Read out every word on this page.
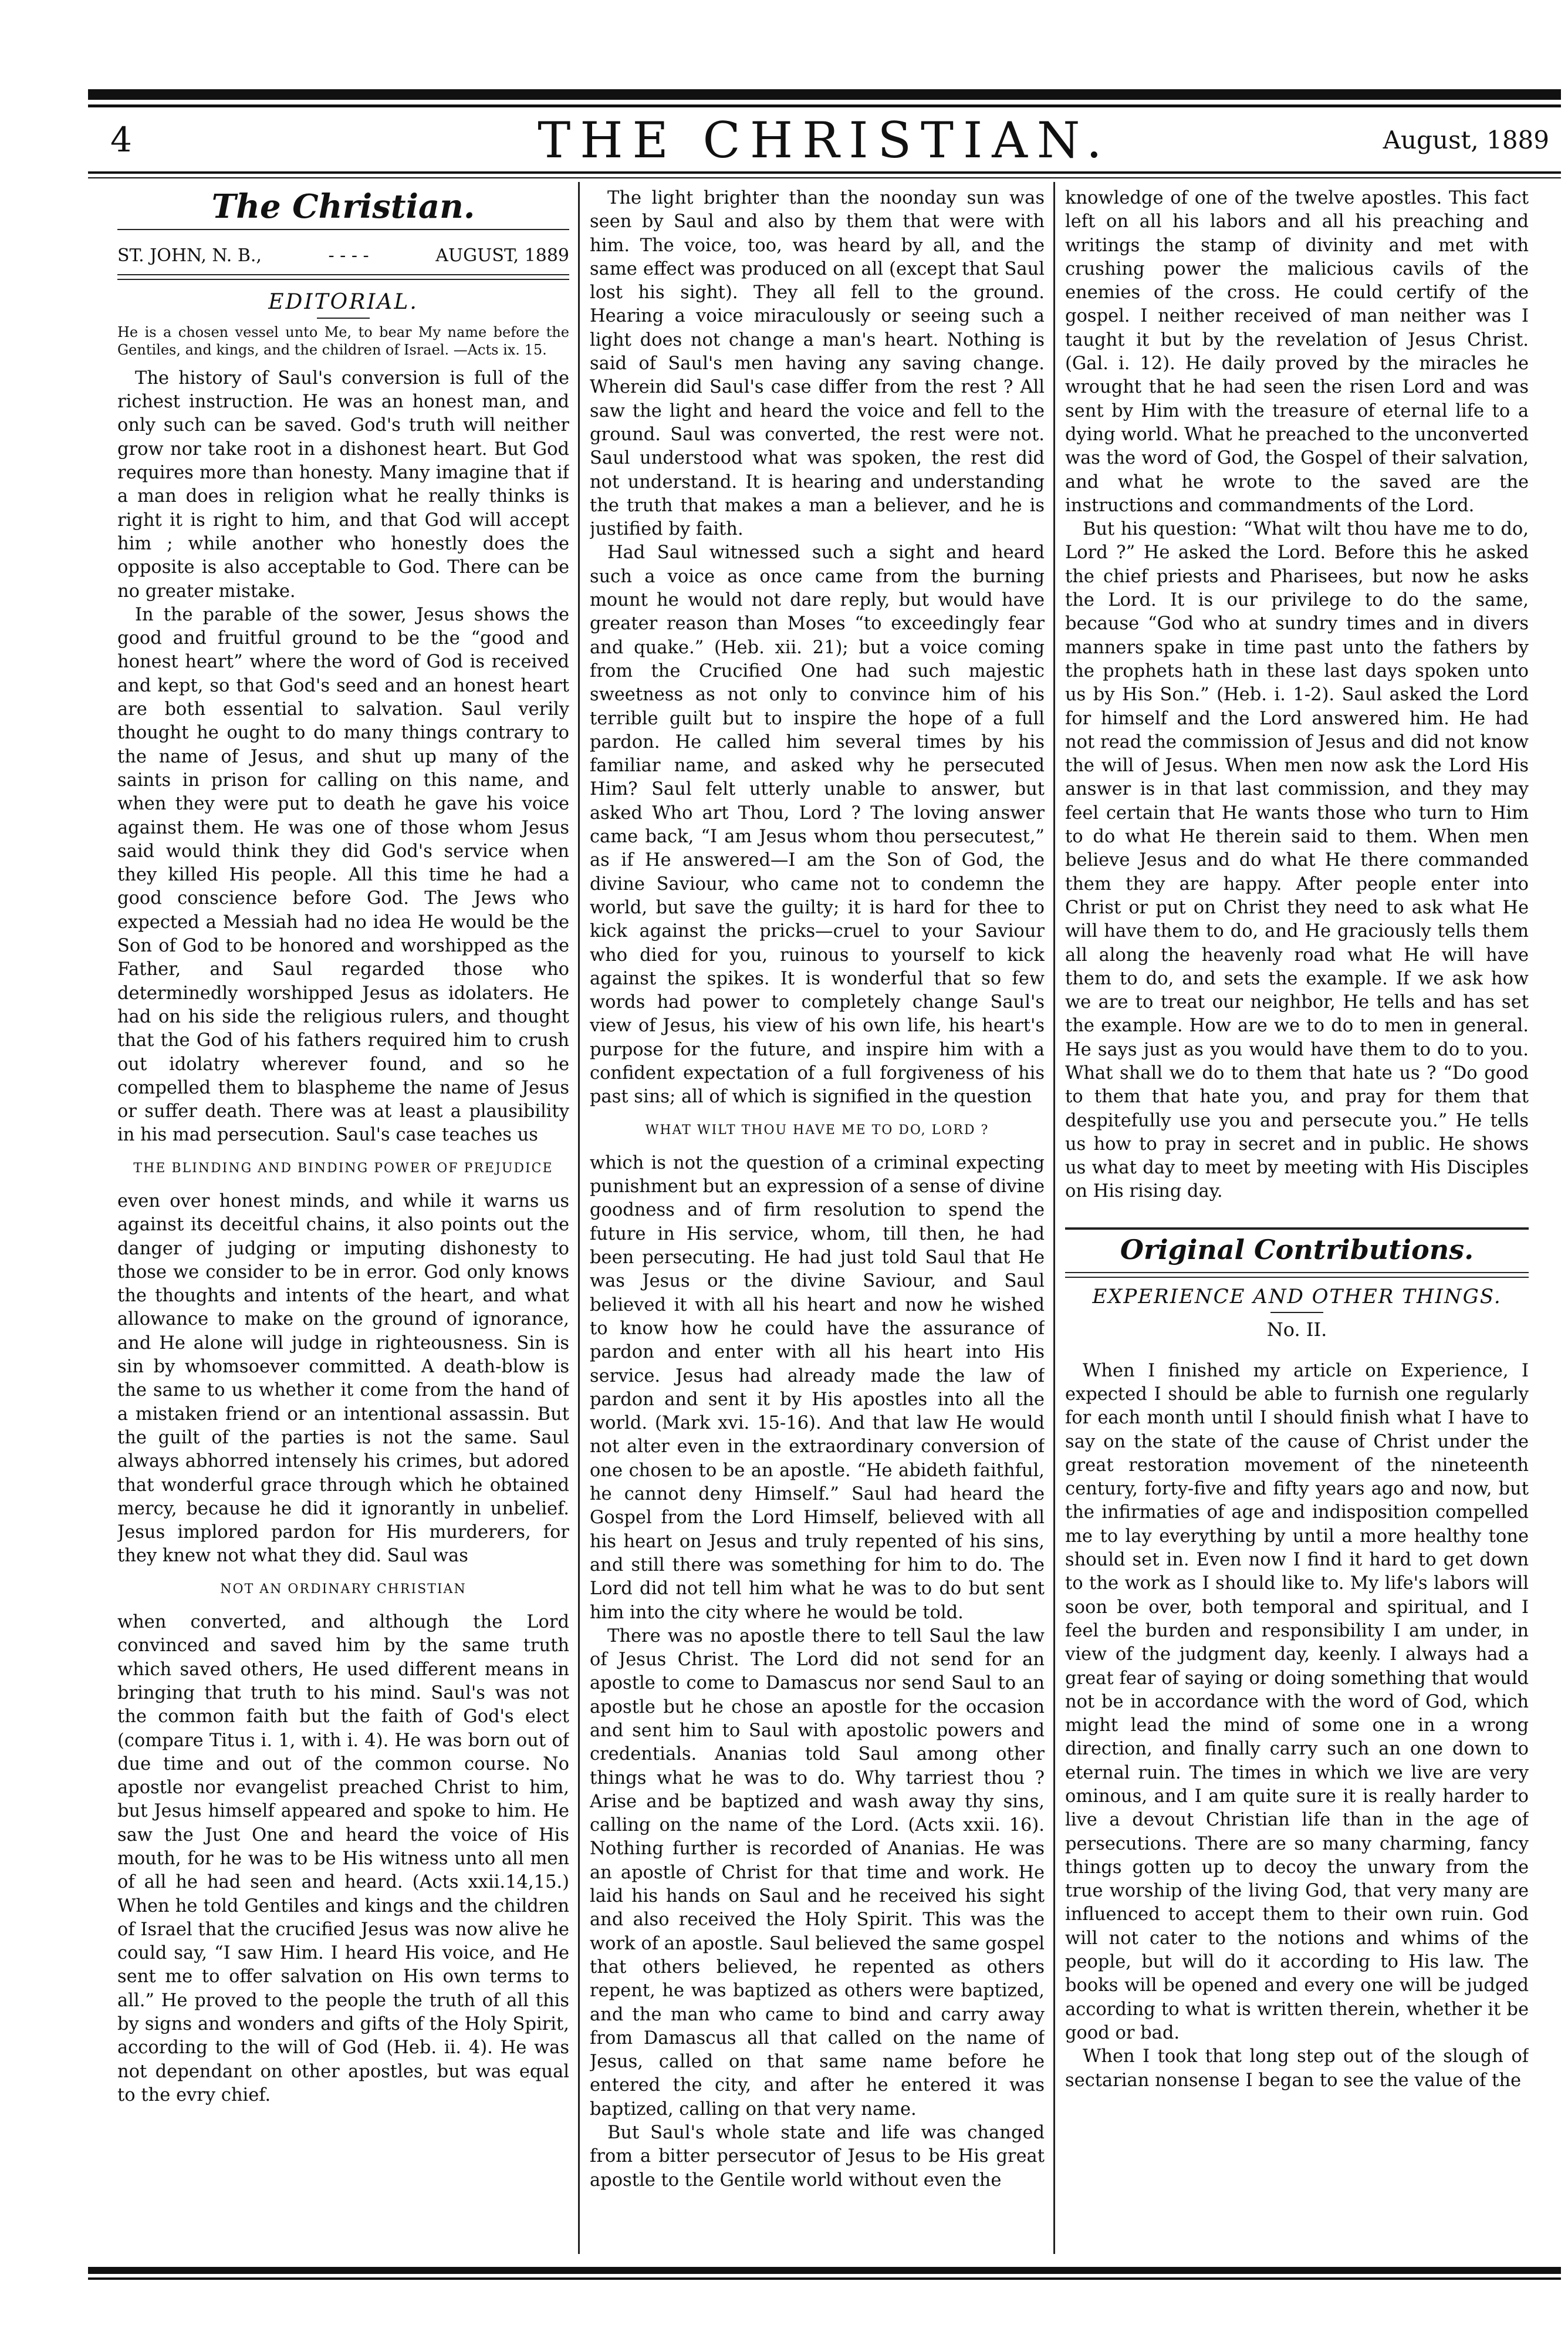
4	THE CHRISTIAN.	August, 1889
The Christian.
ST. JOHN, N. B.,	- - - -	AUGUST, 1889
EDITORIAL.

He is a chosen vessel unto Me, to bear My name before the Gentiles, and kings, and the children of Israel. —Acts ix. 15.

The history of Saul's conversion is full of the richest instruction. He was an honest man, and only such can be saved. God's truth will neither grow nor take root in a dishonest heart. But God requires more than honesty. Many imagine that if a man does in religion what he really thinks is right it is right to him, and that God will accept him ; while another who honestly does the opposite is also acceptable to God. There can be no greater mistake.

In the parable of the sower, Jesus shows the good and fruitful ground to be the “good and honest heart” where the word of God is received and kept, so that God's seed and an honest heart are both essential to salvation. Saul verily thought he ought to do many things contrary to the name of Jesus, and shut up many of the saints in prison for calling on this name, and when they were put to death he gave his voice against them. He was one of those whom Jesus said would think they did God's service when they killed His people. All this time he had a good conscience before God. The Jews who expected a Messiah had no idea He would be the Son of God to be honored and worshipped as the Father, and Saul regarded those who determinedly worshipped Jesus as idolaters. He had on his side the religious rulers, and thought that the God of his fathers required him to crush out idolatry wherever found, and so he compelled them to blaspheme the name of Jesus or suffer death. There was at least a plausibility in his mad persecution. Saul's case teaches us

THE BLINDING AND BINDING POWER OF PREJUDICE

even over honest minds, and while it warns us against its deceitful chains, it also points out the danger of judging or imputing dishonesty to those we consider to be in error. God only knows the thoughts and intents of the heart, and what allowance to make on the ground of ignorance, and He alone will judge in righteousness. Sin is sin by whomsoever committed. A death-blow is the same to us whether it come from the hand of a mistaken friend or an intentional assassin. But the guilt of the parties is not the same. Saul always abhorred intensely his crimes, but adored that wonderful grace through which he obtained mercy, because he did it ignorantly in unbelief. Jesus implored pardon for His murderers, for they knew not what they did. Saul was

NOT AN ORDINARY CHRISTIAN

when converted, and although the Lord convinced and saved him by the same truth which saved others, He used different means in bringing that truth to his mind. Saul's was not the common faith but the faith of God's elect (compare Titus i. 1, with i. 4). He was born out of due time and out of the common course. No apostle nor evangelist preached Christ to him, but Jesus himself appeared and spoke to him. He saw the Just One and heard the voice of His mouth, for he was to be His witness unto all men of all he had seen and heard. (Acts xxii.14,15.) When he told Gentiles and kings and the children of Israel that the crucified Jesus was now alive he could say, “I saw Him. I heard His voice, and He sent me to offer salvation on His own terms to all.” He proved to the people the truth of all this by signs and wonders and gifts of the Holy Spirit, according to the will of God (Heb. ii. 4). He was not dependant on other apostles, but was equal to the evry chief.

The light brighter than the noonday sun was seen by Saul and also by them that were with him. The voice, too, was heard by all, and the same effect was produced on all (except that Saul lost his sight). They all fell to the ground. Hearing a voice miraculously or seeing such a light does not change a man's heart. Nothing is said of Saul's men having any saving change. Wherein did Saul's case differ from the rest ? All saw the light and heard the voice and fell to the ground. Saul was converted, the rest were not. Saul understood what was spoken, the rest did not understand. It is hearing and understanding the truth that makes a man a believer, and he is justified by faith.

Had Saul witnessed such a sight and heard such a voice as once came from the burning mount he would not dare reply, but would have greater reason than Moses “to exceedingly fear and quake.” (Heb. xii. 21); but a voice coming from the Crucified One had such majestic sweetness as not only to convince him of his terrible guilt but to inspire the hope of a full pardon. He called him several times by his familiar name, and asked why he persecuted Him? Saul felt utterly unable to answer, but asked Who art Thou, Lord ? The loving answer came back, “I am Jesus whom thou persecutest,” as if He answered—I am the Son of God, the divine Saviour, who came not to condemn the world, but save the guilty; it is hard for thee to kick against the pricks—cruel to your Saviour who died for you, ruinous to yourself to kick against the spikes. It is wonderful that so few words had power to completely change Saul's view of Jesus, his view of his own life, his heart's purpose for the future, and inspire him with a confident expectation of a full forgiveness of his past sins; all of which is signified in the question

WHAT WILT THOU HAVE ME TO DO, LORD ?

which is not the question of a criminal expecting punishment but an expression of a sense of divine goodness and of firm resolution to spend the future in His service, whom, till then, he had been persecuting. He had just told Saul that He was Jesus or the divine Saviour, and Saul believed it with all his heart and now he wished to know how he could have the assurance of pardon and enter with all his heart into His service. Jesus had already made the law of pardon and sent it by His apostles into all the world. (Mark xvi. 15-16). And that law He would not alter even in the extraordinary conversion of one chosen to be an apostle. “He abideth faithful, he cannot deny Himself.” Saul had heard the Gospel from the Lord Himself, believed with all his heart on Jesus and truly repented of his sins, and still there was something for him to do. The Lord did not tell him what he was to do but sent him into the city where he would be told.

There was no apostle there to tell Saul the law of Jesus Christ. The Lord did not send for an apostle to come to Damascus nor send Saul to an apostle but he chose an apostle for the occasion and sent him to Saul with apostolic powers and credentials. Ananias told Saul among other things what he was to do. Why tarriest thou ? Arise and be baptized and wash away thy sins, calling on the name of the Lord. (Acts xxii. 16). Nothing further is recorded of Ananias. He was an apostle of Christ for that time and work. He laid his hands on Saul and he received his sight and also received the Holy Spirit. This was the work of an apostle. Saul believed the same gospel that others believed, he repented as others repent, he was baptized as others were baptized, and the man who came to bind and carry away from Damascus all that called on the name of Jesus, called on that same name before he entered the city, and after he entered it was baptized, calling on that very name.

But Saul's whole state and life was changed from a bitter persecutor of Jesus to be His great apostle to the Gentile world without even the

knowledge of one of the twelve apostles. This fact left on all his labors and all his preaching and writings the stamp of divinity and met with crushing power the malicious cavils of the enemies of the cross. He could certify of the gospel. I neither received of man neither was I taught it but by the revelation of Jesus Christ. (Gal. i. 12). He daily proved by the miracles he wrought that he had seen the risen Lord and was sent by Him with the treasure of eternal life to a dying world. What he preached to the unconverted was the word of God, the Gospel of their salvation, and what he wrote to the saved are the instructions and commandments of the Lord.

But his question: “What wilt thou have me to do, Lord ?” He asked the Lord. Before this he asked the chief priests and Pharisees, but now he asks the Lord. It is our privilege to do the same, because “God who at sundry times and in divers manners spake in time past unto the fathers by the prophets hath in these last days spoken unto us by His Son.” (Heb. i. 1-2). Saul asked the Lord for himself and the Lord answered him. He had not read the commission of Jesus and did not know the will of Jesus. When men now ask the Lord His answer is in that last commission, and they may feel certain that He wants those who turn to Him to do what He therein said to them. When men believe Jesus and do what He there commanded them they are happy. After people enter into Christ or put on Christ they need to ask what He will have them to do, and He graciously tells them all along the heavenly road what He will have them to do, and sets the example. If we ask how we are to treat our neighbor, He tells and has set the example. How are we to do to men in general. He says just as you would have them to do to you. What shall we do to them that hate us ? “Do good to them that hate you, and pray for them that despitefully use you and persecute you.” He tells us how to pray in secret and in public. He shows us what day to meet by meeting with His Disciples on His rising day.

Original Contributions.
EXPERIENCE AND OTHER THINGS.
No. II.

When I finished my article on Experience, I expected I should be able to furnish one regularly for each month until I should finish what I have to say on the state of the cause of Christ under the great restoration movement of the nineteenth century, forty-five and fifty years ago and now, but the infirmaties of age and indisposition compelled me to lay everything by until a more healthy tone should set in. Even now I find it hard to get down to the work as I should like to. My life's labors will soon be over, both temporal and spiritual, and I feel the burden and responsibility I am under, in view of the judgment day, keenly. I always had a great fear of saying or doing something that would not be in accordance with the word of God, which might lead the mind of some one in a wrong direction, and finally carry such an one down to eternal ruin. The times in which we live are very ominous, and I am quite sure it is really harder to live a devout Christian life than in the age of persecutions. There are so many charming, fancy things gotten up to decoy the unwary from the true worship of the living God, that very many are influenced to accept them to their own ruin. God will not cater to the notions and whims of the people, but will do it according to His law. The books will be opened and every one will be judged according to what is written therein, whether it be good or bad.

When I took that long step out of the slough of sectarian nonsense I began to see the value of the
